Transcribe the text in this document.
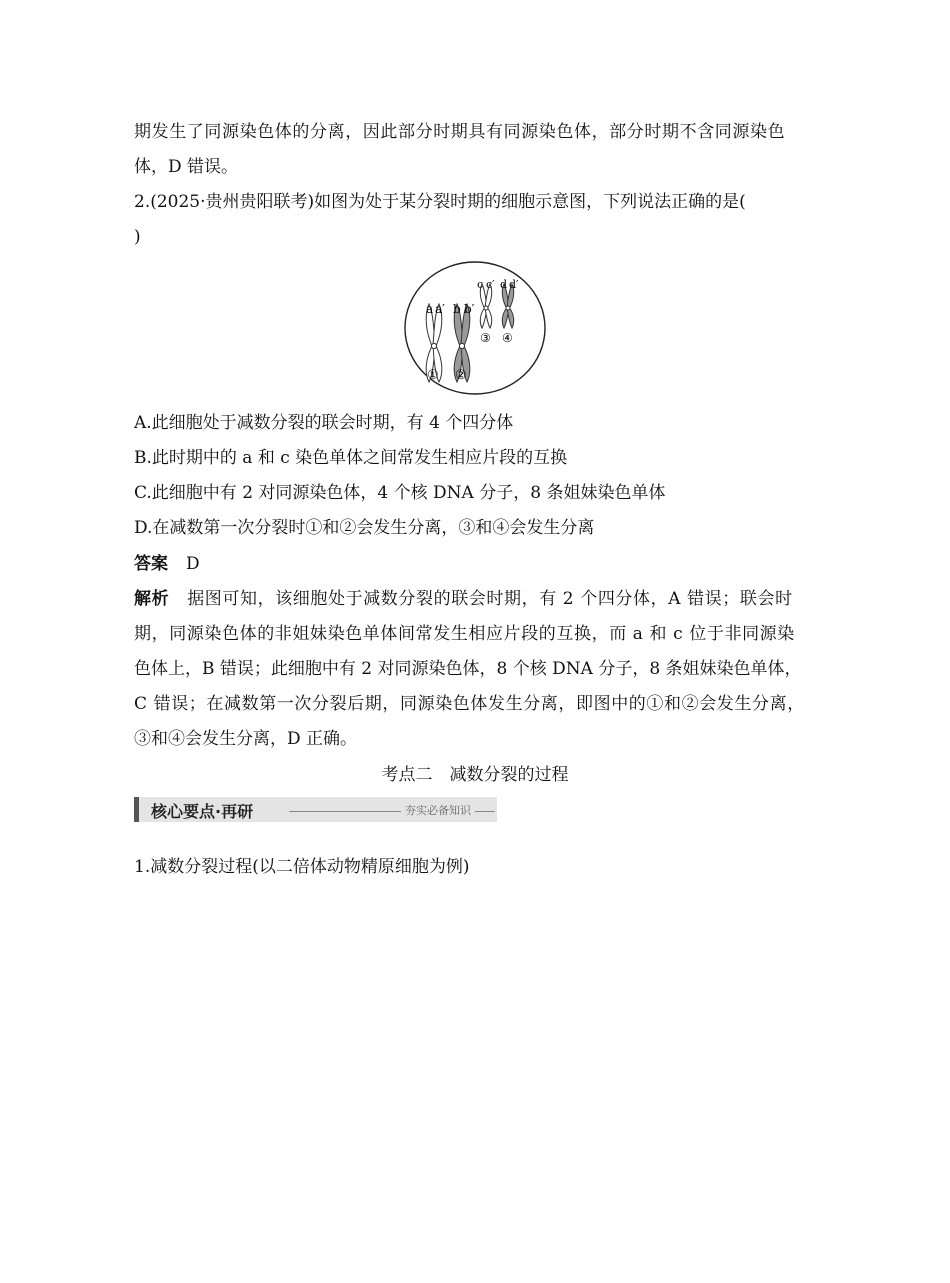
期发生了同源染色体的分离，因此部分时期具有同源染色体，部分时期不含同源染色
体，D 错误。
2.(2025·贵州贵阳联考)如图为处于某分裂时期的细胞示意图，下列说法正确的是(
)
a a′ b b′
c c′ d d′
① ②
③ ④
A.此细胞处于减数分裂的联会时期，有 4 个四分体
B.此时期中的 a 和 c 染色单体之间常发生相应片段的互换
C.此细胞中有 2 对同源染色体，4 个核 DNA 分子，8 条姐妹染色单体
D.在减数第一次分裂时①和②会发生分离，③和④会发生分离
答案 D
解析 据图可知，该细胞处于减数分裂的联会时期，有 2 个四分体，A 错误；联会时
期，同源染色体的非姐妹染色单体间常发生相应片段的互换，而 a 和 c 位于非同源染
色体上，B 错误；此细胞中有 2 对同源染色体，8 个核 DNA 分子，8 条姐妹染色单体，
C 错误；在减数第一次分裂后期，同源染色体发生分离，即图中的①和②会发生分离，
③和④会发生分离，D 正确。
考点二　减数分裂的过程
核心要点·再研	夯实必备知识
1.减数分裂过程(以二倍体动物精原细胞为例)
